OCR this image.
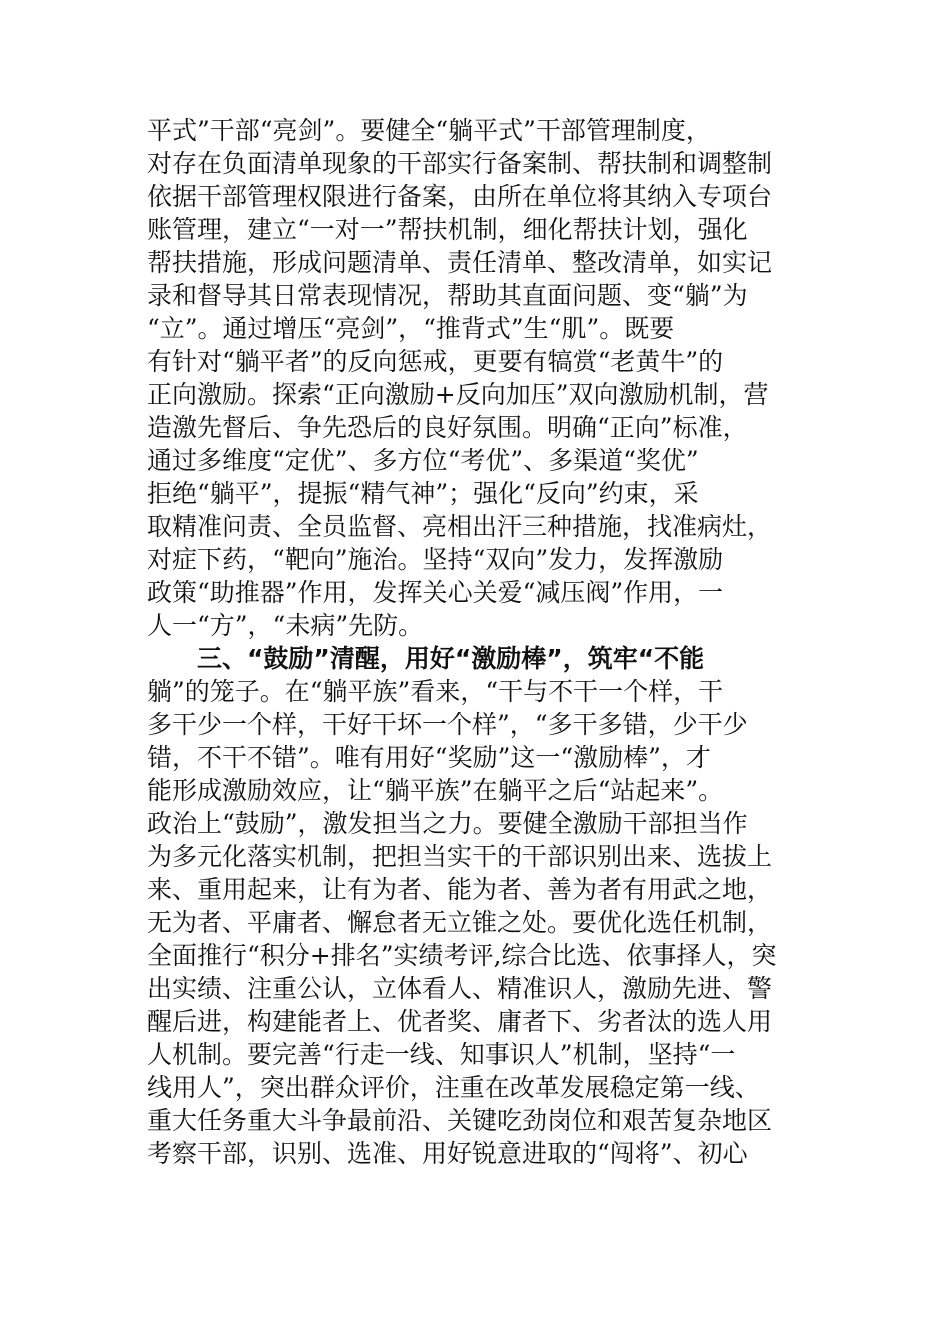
平式”干部“亮剑”。要健全“躺平式”干部管理制度，
对存在负面清单现象的干部实行备案制、帮扶制和调整制
依据干部管理权限进行备案，由所在单位将其纳入专项台
账管理，建立“一对一”帮扶机制，细化帮扶计划，强化
帮扶措施，形成问题清单、责任清单、整改清单，如实记
录和督导其日常表现情况，帮助其直面问题、变“躺”为
“立”。通过增压“亮剑”，“推背式”生“肌”。既要
有针对“躺平者”的反向惩戒，更要有犒赏“老黄牛”的
正向激励。探索“正向激励+反向加压”双向激励机制，营
造激先督后、争先恐后的良好氛围。明确“正向”标准，
通过多维度“定优”、多方位“考优”、多渠道“奖优”
拒绝“躺平”，提振“精气神”；强化“反向”约束，采
取精准问责、全员监督、亮相出汗三种措施，找准病灶，
对症下药，“靶向”施治。坚持“双向”发力，发挥激励
政策“助推器”作用，发挥关心关爱“减压阀”作用，一
人一“方”，“未病”先防。
　　三、“鼓励”清醒，用好“激励棒”，筑牢“不能
躺”的笼子。在“躺平族”看来，“干与不干一个样，干
多干少一个样，干好干坏一个样”，“多干多错，少干少
错，不干不错”。唯有用好“奖励”这一“激励棒”，才
能形成激励效应，让“躺平族”在躺平之后“站起来”。
政治上“鼓励”，激发担当之力。要健全激励干部担当作
为多元化落实机制，把担当实干的干部识别出来、选拔上
来、重用起来，让有为者、能为者、善为者有用武之地，
无为者、平庸者、懈怠者无立锥之处。要优化选任机制，
全面推行“积分+排名”实绩考评,综合比选、依事择人，突
出实绩、注重公认，立体看人、精准识人，激励先进、警
醒后进，构建能者上、优者奖、庸者下、劣者汰的选人用
人机制。要完善“行走一线、知事识人”机制，坚持“一
线用人”，突出群众评价，注重在改革发展稳定第一线、
重大任务重大斗争最前沿、关键吃劲岗位和艰苦复杂地区
考察干部，识别、选准、用好锐意进取的“闯将”、初心
